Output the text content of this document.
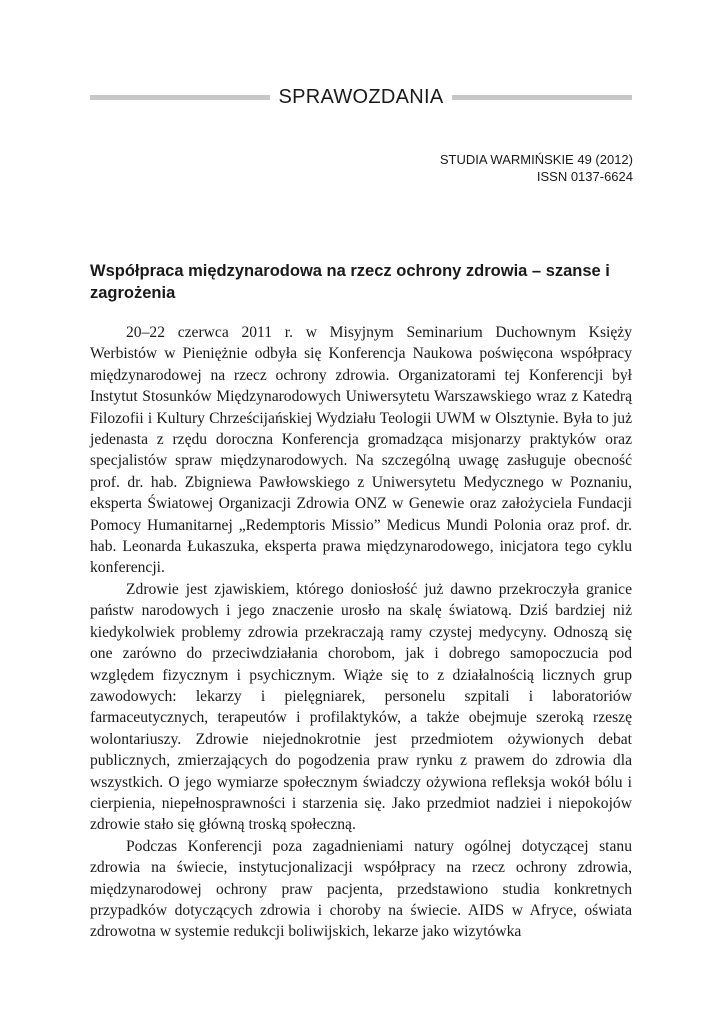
SPRAWOZDANIA
STUDIA WARMIŃSKIE 49 (2012)
ISSN 0137-6624
Współpraca międzynarodowa na rzecz ochrony zdrowia – szanse i zagrożenia

20–22 czerwca 2011 r. w Misyjnym Seminarium Duchownym Księży Werbistów w Pieniężnie odbyła się Konferencja Naukowa poświęcona współpracy międzynarodowej na rzecz ochrony zdrowia. Organizatorami tej Konferencji był Instytut Stosunków Międzynarodowych Uniwersytetu Warszawskiego wraz z Katedrą Filozofii i Kultury Chrześcijańskiej Wydziału Teologii UWM w Olsztynie. Była to już jedenasta z rzędu doroczna Konferencja gromadząca misjonarzy praktyków oraz specjalistów spraw międzynarodowych. Na szczególną uwagę zasługuje obecność prof. dr. hab. Zbigniewa Pawłowskiego z Uniwersytetu Medycznego w Poznaniu, eksperta Światowej Organizacji Zdrowia ONZ w Genewie oraz założyciela Fundacji Pomocy Humanitarnej „Redemptoris Missio” Medicus Mundi Polonia oraz prof. dr. hab. Leonarda Łukaszuka, eksperta prawa międzynarodowego, inicjatora tego cyklu konferencji.

Zdrowie jest zjawiskiem, którego doniosłość już dawno przekroczyła granice państw narodowych i jego znaczenie urosło na skalę światową. Dziś bardziej niż kiedykolwiek problemy zdrowia przekraczają ramy czystej medycyny. Odnoszą się one zarówno do przeciwdziałania chorobom, jak i dobrego samopoczucia pod względem fizycznym i psychicznym. Wiąże się to z działalnością licznych grup zawodowych: lekarzy i pielęgniarek, personelu szpitali i laboratoriów farmaceutycznych, terapeutów i profilaktyków, a także obejmuje szeroką rzeszę wolontariuszy. Zdrowie niejednokrotnie jest przedmiotem ożywionych debat publicznych, zmierzających do pogodzenia praw rynku z prawem do zdrowia dla wszystkich. O jego wymiarze społecznym świadczy ożywiona refleksja wokół bólu i cierpienia, niepełnosprawności i starzenia się. Jako przedmiot nadziei i niepokojów zdrowie stało się główną troską społeczną.

Podczas Konferencji poza zagadnieniami natury ogólnej dotyczącej stanu zdrowia na świecie, instytucjonalizacji współpracy na rzecz ochrony zdrowia, międzynarodowej ochrony praw pacjenta, przedstawiono studia konkretnych przypadków dotyczących zdrowia i choroby na świecie. AIDS w Afryce, oświata zdrowotna w systemie redukcji boliwijskich, lekarze jako wizytówka
